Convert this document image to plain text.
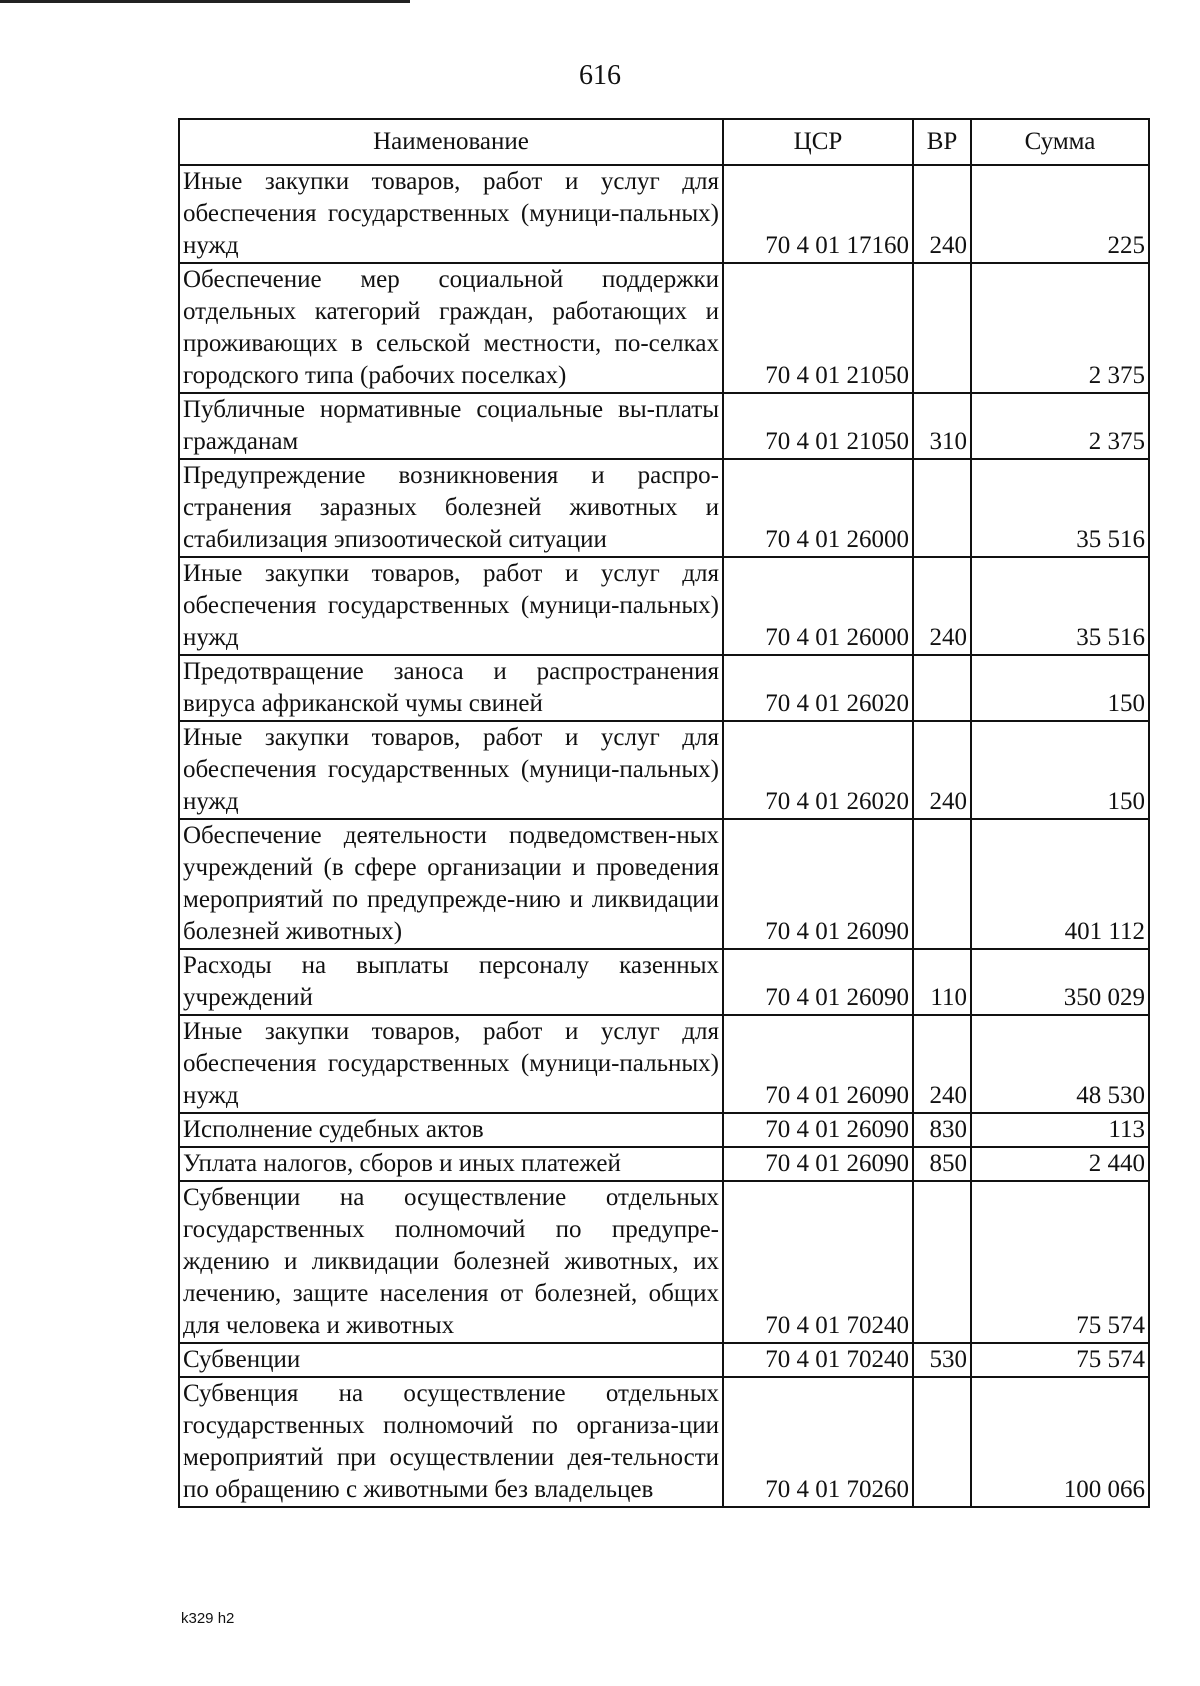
616
Наименование	ЦСР	ВР	Сумма
Иные закупки товаров, работ и услуг для обеспечения государственных (муници-пальных) нужд	70 4 01 17160	240	225
Обеспечение мер социальной поддержки отдельных категорий граждан, работающих и проживающих в сельской местности, по-селках городского типа (рабочих поселках)	70 4 01 21050		2 375
Публичные нормативные социальные вы-платы гражданам	70 4 01 21050	310	2 375
Предупреждение возникновения и распро-странения заразных болезней животных и стабилизация эпизоотической ситуации	70 4 01 26000		35 516
Иные закупки товаров, работ и услуг для обеспечения государственных (муници-пальных) нужд	70 4 01 26000	240	35 516
Предотвращение заноса и распространения вируса африканской чумы свиней	70 4 01 26020		150
Иные закупки товаров, работ и услуг для обеспечения государственных (муници-пальных) нужд	70 4 01 26020	240	150
Обеспечение деятельности подведомствен-ных учреждений (в сфере организации и проведения мероприятий по предупрежде-нию и ликвидации болезней животных)	70 4 01 26090		401 112
Расходы на выплаты персоналу казенных учреждений	70 4 01 26090	110	350 029
Иные закупки товаров, работ и услуг для обеспечения государственных (муници-пальных) нужд	70 4 01 26090	240	48 530
Исполнение судебных актов	70 4 01 26090	830	113
Уплата налогов, сборов и иных платежей	70 4 01 26090	850	2 440
Субвенции на осуществление отдельных государственных полномочий по предупре-ждению и ликвидации болезней животных, их лечению, защите населения от болезней, общих для человека и животных	70 4 01 70240		75 574
Субвенции	70 4 01 70240	530	75 574
Субвенция на осуществление отдельных государственных полномочий по организа-ции мероприятий при осуществлении дея-тельности по обращению с животными без владельцев	70 4 01 70260		100 066
k329 h2
